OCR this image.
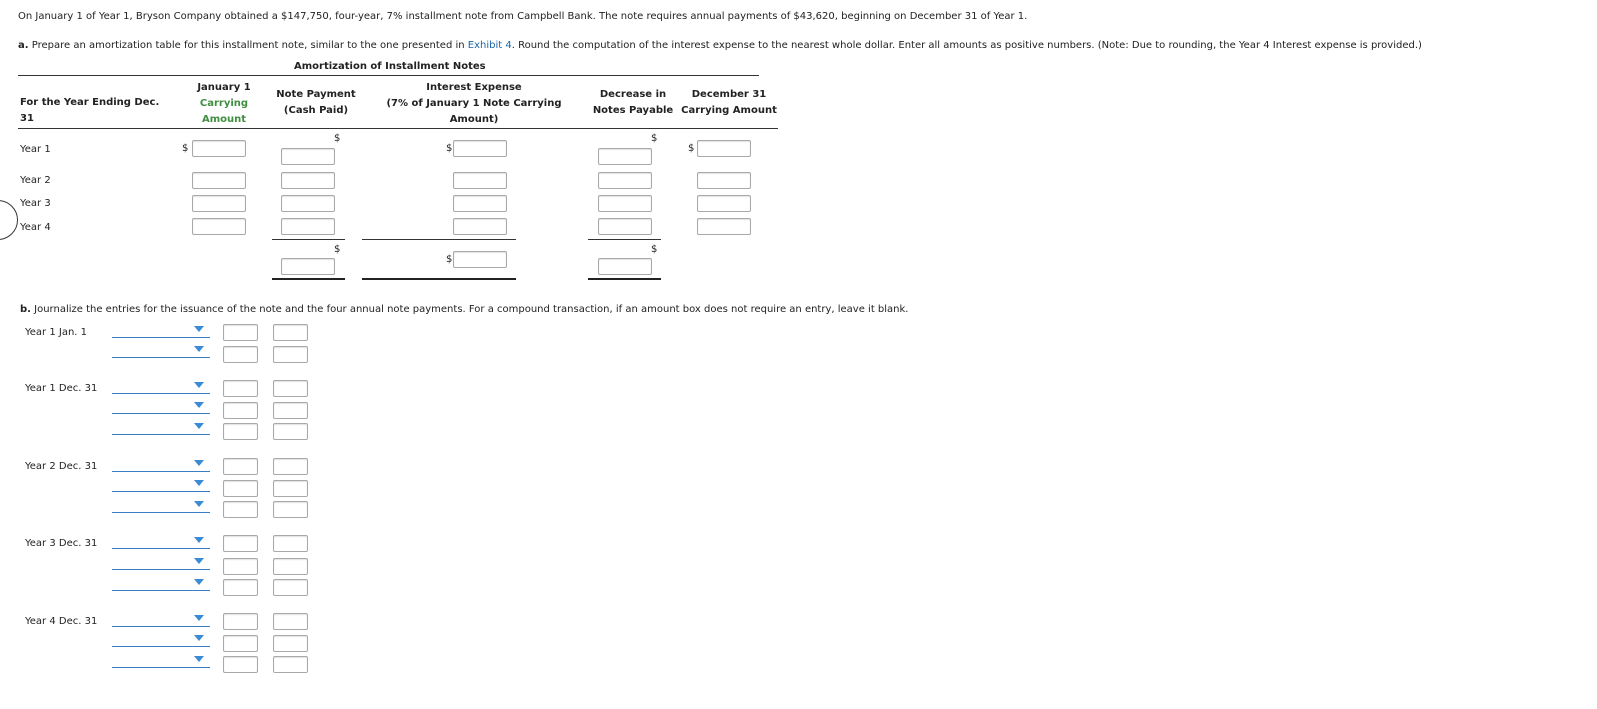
On January 1 of Year 1, Bryson Company obtained a $147,750, four-year, 7% installment note from Campbell Bank. The note requires annual payments of $43,620, beginning on December 31 of Year 1.
a. Prepare an amortization table for this installment note, similar to the one presented in Exhibit 4. Round the computation of the interest expense to the nearest whole dollar. Enter all amounts as positive numbers. (Note: Due to rounding, the Year 4 Interest expense is provided.)
Amortization of Installment Notes
For the Year Ending Dec.
31
January 1
Carrying
Amount
Note Payment
(Cash Paid)
Interest Expense
(7% of January 1 Note Carrying
Amount)
Decrease in
Notes Payable
December 31
Carrying Amount
Year 1
Year 2
Year 3
Year 4
$
$
$
$
$
$
$
$
b. Journalize the entries for the issuance of the note and the four annual note payments. For a compound transaction, if an amount box does not require an entry, leave it blank.
Year 1 Jan. 1
Year 1 Dec. 31
Year 2 Dec. 31
Year 3 Dec. 31
Year 4 Dec. 31
